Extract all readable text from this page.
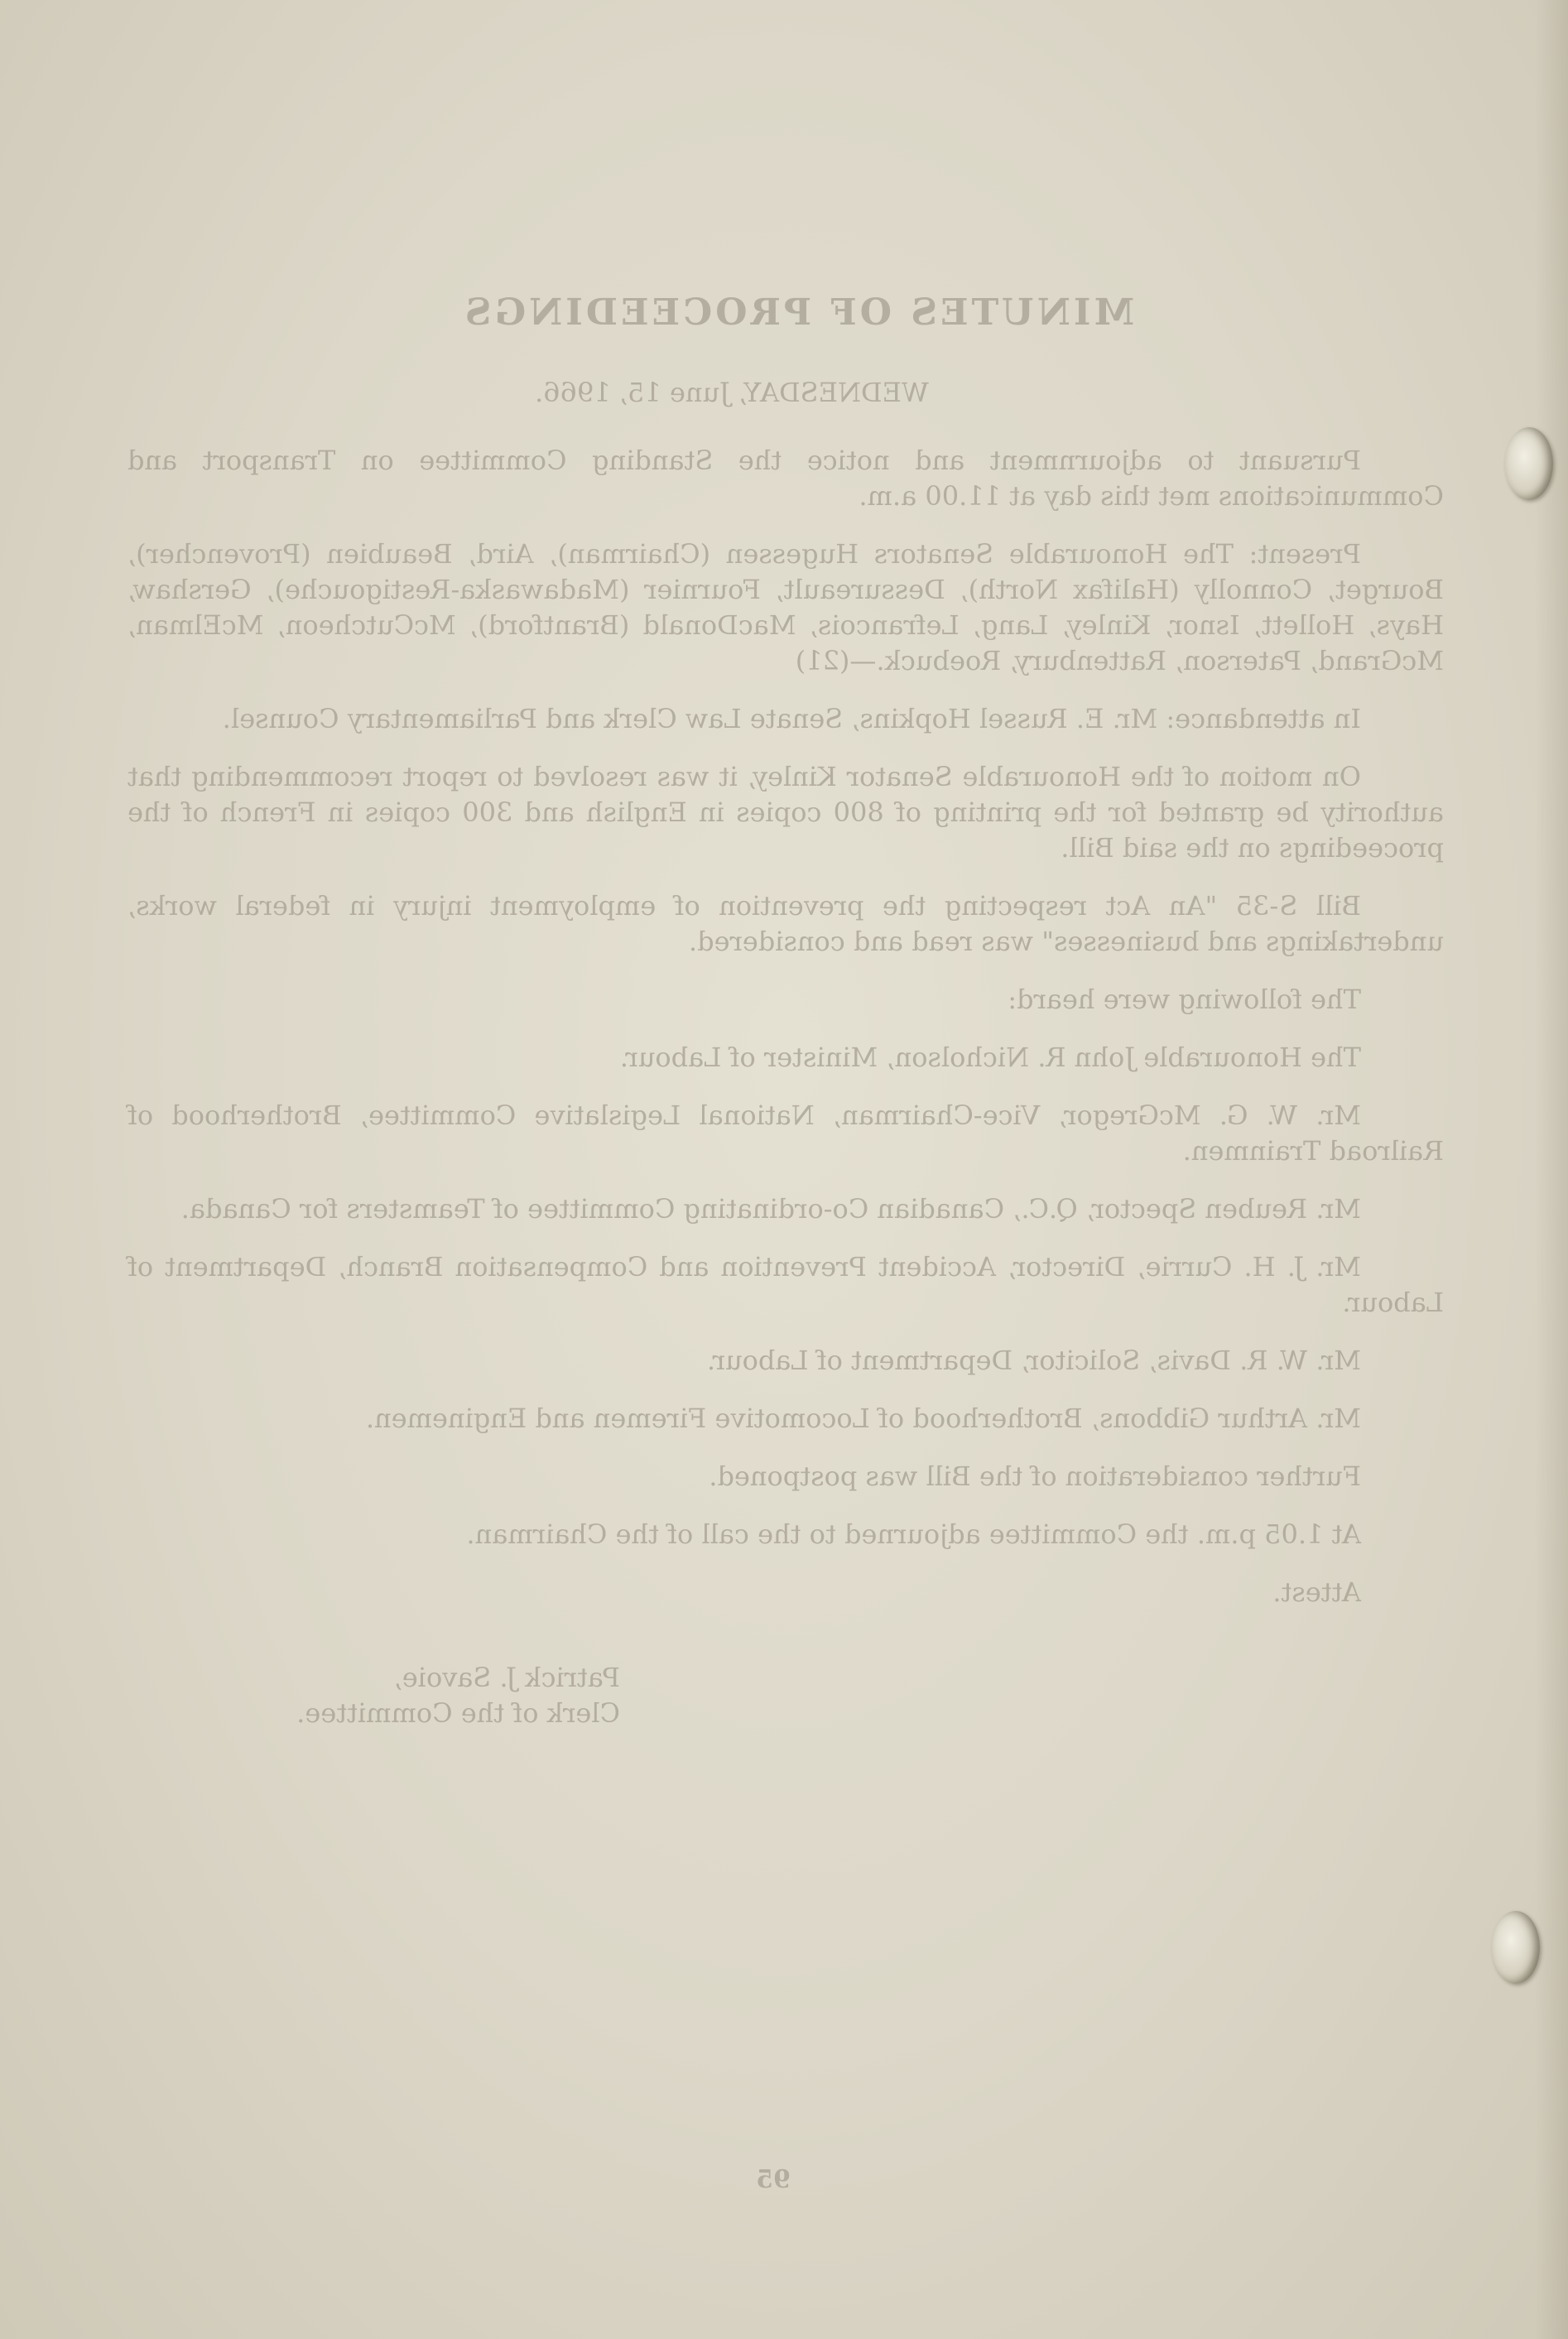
MINUTES OF PROCEEDINGS
WEDNESDAY, June 15, 1966.

Pursuant to adjournment and notice the Standing Committee on Transport and Communications met this day at 11.00 a.m.

Present: The Honourable Senators Hugessen (Chairman), Aird, Beaubien (Provencher), Bourget, Connolly (Halifax North), Dessureault, Fournier (Madawaska-Restigouche), Gershaw, Hays, Hollett, Isnor, Kinley, Lang, Lefrancois, MacDonald (Brantford), McCutcheon, McElman, McGrand, Paterson, Rattenbury, Roebuck.—(21)

In attendance: Mr. E. Russel Hopkins, Senate Law Clerk and Parliamentary Counsel.

On motion of the Honourable Senator Kinley, it was resolved to report recommending that authority be granted for the printing of 800 copies in English and 300 copies in French of the proceedings on the said Bill.

Bill S-35 "An Act respecting the prevention of employment injury in federal works, undertakings and businesses" was read and considered.

The following were heard:

The Honourable John R. Nicholson, Minister of Labour.

Mr. W. G. McGregor, Vice-Chairman, National Legislative Committee, Brotherhood of Railroad Trainmen.

Mr. Reuben Spector, Q.C., Canadian Co-ordinating Committee of Teamsters for Canada.

Mr. J. H. Currie, Director, Accident Prevention and Compensation Branch, Department of Labour.

Mr. W. R. Davis, Solicitor, Department of Labour.

Mr. Arthur Gibbons, Brotherhood of Locomotive Firemen and Enginemen.

Further consideration of the Bill was postponed.

At 1.05 p.m. the Committee adjourned to the call of the Chairman.

Attest.

Patrick J. Savoie,
Clerk of the Committee.
95
